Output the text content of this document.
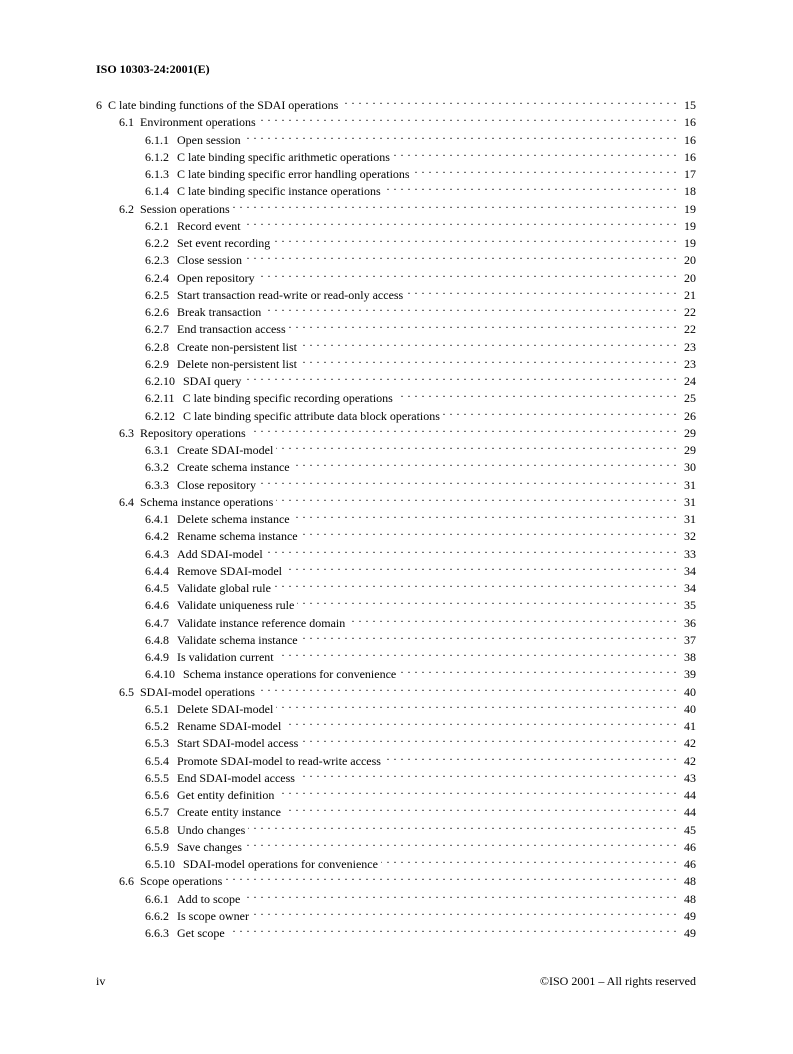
ISO 10303-24:2001(E)
6 C late binding functions of the SDAI operations . . .	15
6.1 Environment operations . . .	16
6.1.1 Open session . . .	16
6.1.2 C late binding specific arithmetic operations . . .	16
6.1.3 C late binding specific error handling operations . . .	17
6.1.4 C late binding specific instance operations . . .	18
6.2 Session operations . . .	19
6.2.1 Record event . . .	19
6.2.2 Set event recording . . .	19
6.2.3 Close session . . .	20
6.2.4 Open repository . . .	20
6.2.5 Start transaction read-write or read-only access . . .	21
6.2.6 Break transaction . . .	22
6.2.7 End transaction access . . .	22
6.2.8 Create non-persistent list . . .	23
6.2.9 Delete non-persistent list . . .	23
6.2.10 SDAI query . . .	24
6.2.11 C late binding specific recording operations . . .	25
6.2.12 C late binding specific attribute data block operations . . .	26
6.3 Repository operations . . .	29
6.3.1 Create SDAI-model . . .	29
6.3.2 Create schema instance . . .	30
6.3.3 Close repository . . .	31
6.4 Schema instance operations . . .	31
6.4.1 Delete schema instance . . .	31
6.4.2 Rename schema instance . . .	32
6.4.3 Add SDAI-model . . .	33
6.4.4 Remove SDAI-model . . .	34
6.4.5 Validate global rule . . .	34
6.4.6 Validate uniqueness rule . . .	35
6.4.7 Validate instance reference domain . . .	36
6.4.8 Validate schema instance . . .	37
6.4.9 Is validation current . . .	38
6.4.10 Schema instance operations for convenience . . .	39
6.5 SDAI-model operations . . .	40
6.5.1 Delete SDAI-model . . .	40
6.5.2 Rename SDAI-model . . .	41
6.5.3 Start SDAI-model access . . .	42
6.5.4 Promote SDAI-model to read-write access . . .	42
6.5.5 End SDAI-model access . . .	43
6.5.6 Get entity definition . . .	44
6.5.7 Create entity instance . . .	44
6.5.8 Undo changes . . .	45
6.5.9 Save changes . . .	46
6.5.10 SDAI-model operations for convenience . . .	46
6.6 Scope operations . . .	48
6.6.1 Add to scope . . .	48
6.6.2 Is scope owner . . .	49
6.6.3 Get scope . . .	49
iv	©ISO 2001 – All rights reserved
